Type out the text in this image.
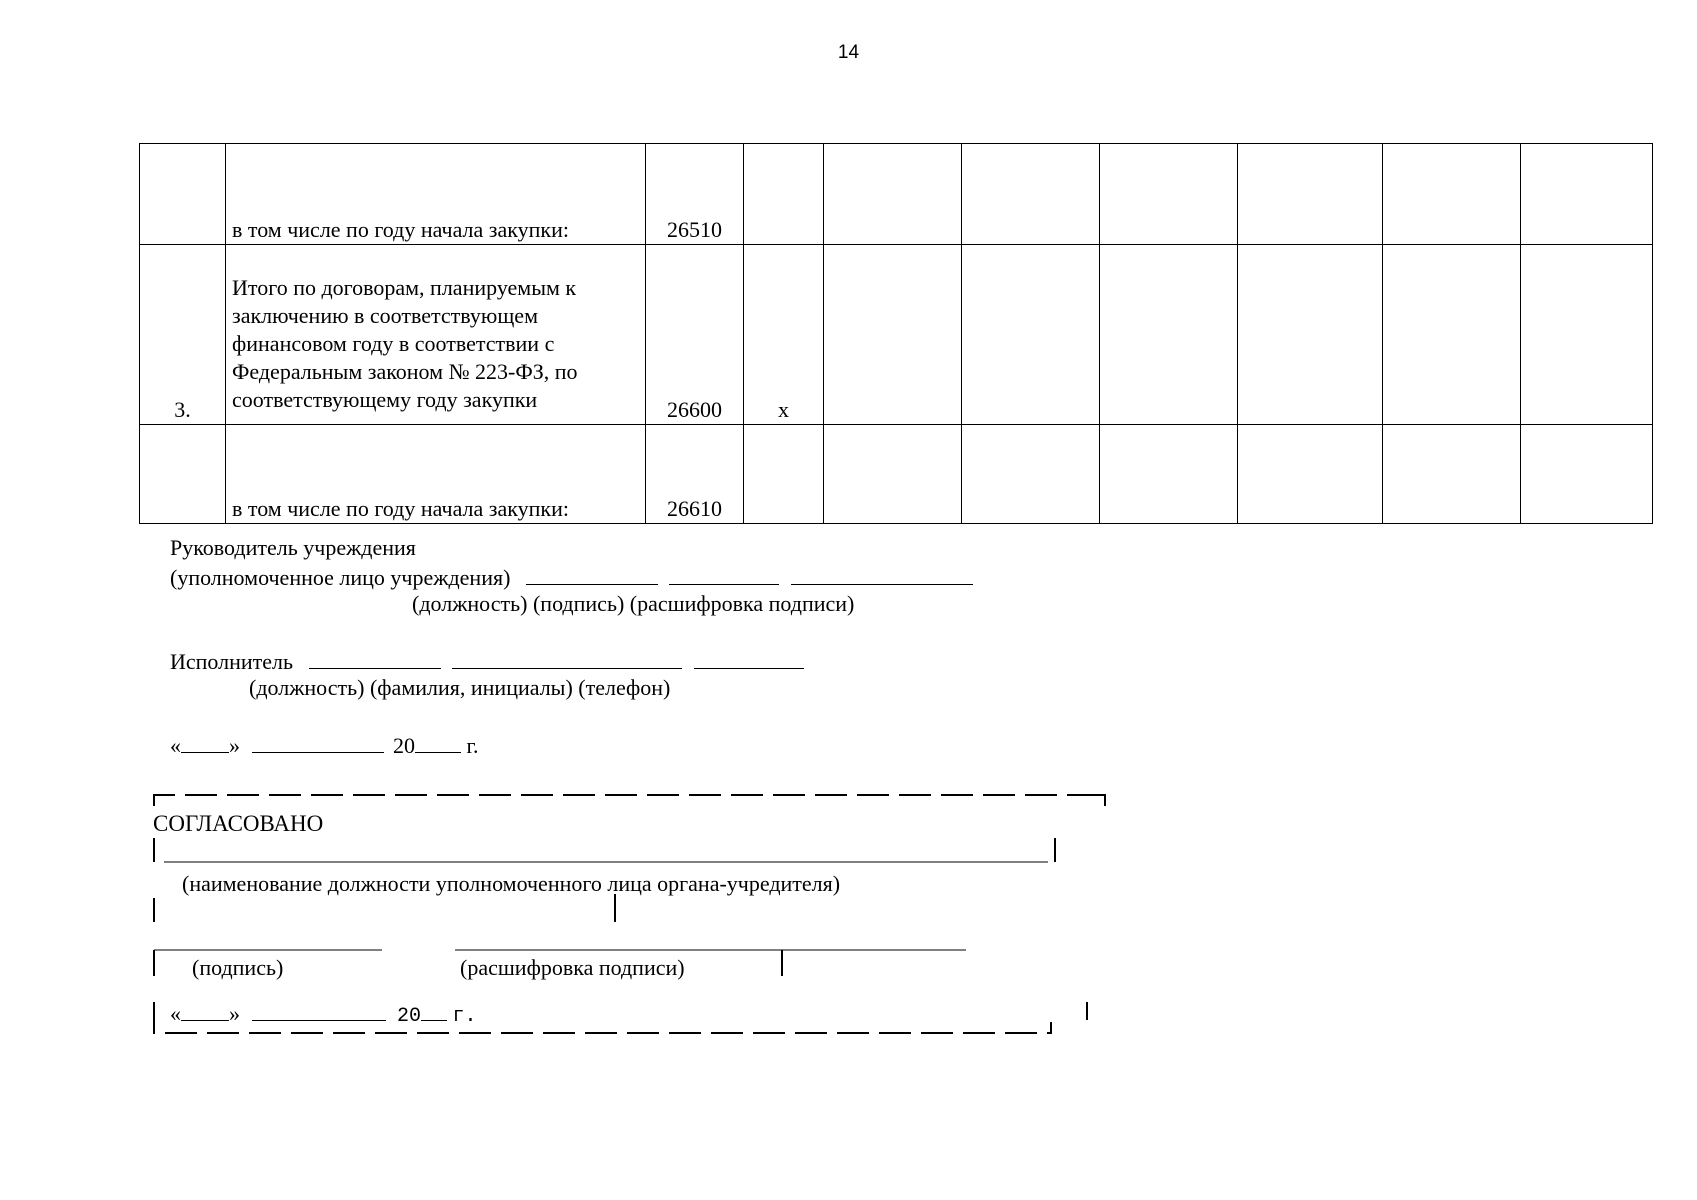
14
	в том числе по году начала закупки:	26510							
3.	Итого по договорам, планируемым к
заключению в соответствующем
финансовом году в соответствии с
Федеральным законом № 223-ФЗ, по
соответствующему году закупки	26600	x						
	в том числе по году начала закупки:	26610							
Руководитель учреждения
(уполномоченное лицо учреждения)
(должность) (подпись) (расшифровка подписи)
Исполнитель
(должность) (фамилия, инициалы) (телефон)
« »	20 г.
СОГЛАСОВАНО
(наименование должности уполномоченного лица органа-учредителя)
(подпись)	(расшифровка подписи)
« »	20 г.
